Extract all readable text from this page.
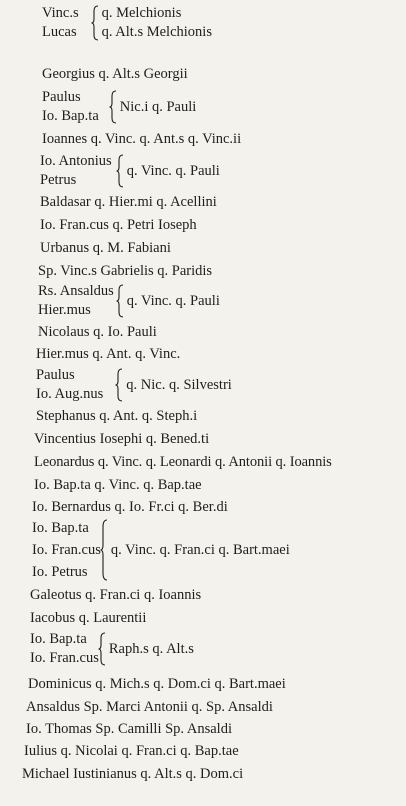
Vinc.s
Lucas
q. Melchionis
q. Alt.s Melchionis
Georgius q. Alt.s Georgii
Paulus
Io. Bap.ta
Nic.i q. Pauli
Ioannes q. Vinc. q. Ant.s q. Vinc.ii
Io. Antonius
Petrus
q. Vinc. q. Pauli
Baldasar q. Hier.mi q. Acellini
Io. Fran.cus q. Petri Ioseph
Urbanus q. M. Fabiani
Sp. Vinc.s Gabrielis q. Paridis
Rs. Ansaldus
Hier.mus
q. Vinc. q. Pauli
Nicolaus q. Io. Pauli
Hier.mus q. Ant. q. Vinc.
Paulus
Io. Aug.nus
q. Nic. q. Silvestri
Stephanus q. Ant. q. Steph.i
Vincentius Iosephi q. Bened.ti
Leonardus q. Vinc. q. Leonardi q. Antonii q. Ioannis
Io. Bap.ta q. Vinc. q. Bap.tae
Io. Bernardus q. Io. Fr.ci q. Ber.di
Io. Bap.ta
Io. Fran.cus
Io. Petrus
q. Vinc. q. Fran.ci q. Bart.maei
Galeotus q. Fran.ci q. Ioannis
Iacobus q. Laurentii
Io. Bap.ta
Io. Fran.cus
Raph.s q. Alt.s
Dominicus q. Mich.s q. Dom.ci q. Bart.maei
Ansaldus Sp. Marci Antonii q. Sp. Ansaldi
Io. Thomas Sp. Camilli Sp. Ansaldi
Iulius q. Nicolai q. Fran.ci q. Bap.tae
Michael Iustinianus q. Alt.s q. Dom.ci
